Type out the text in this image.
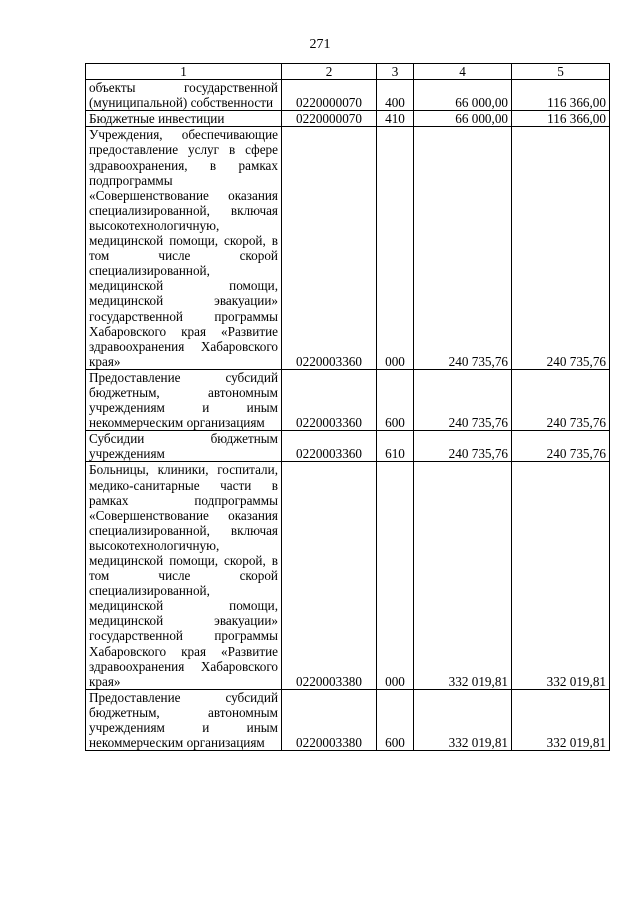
271
1	2	3	4	5
объекты государственной (муниципальной) собственности	0220000070	400	66 000,00	116 366,00
Бюджетные инвестиции	0220000070	410	66 000,00	116 366,00
Учреждения, обеспечивающие предоставление услуг в сфере здравоохранения, в рамках подпрограммы «Совершенствование оказания специализированной, включая высокотехнологичную, медицинской помощи, скорой, в том числе скорой специализированной, медицинской помощи, медицинской эвакуации» государственной программы Хабаровского края «Развитие здравоохранения Хабаровского края»	0220003360	000	240 735,76	240 735,76
Предоставление субсидий бюджетным, автономным учреждениям и иным некоммерческим организациям	0220003360	600	240 735,76	240 735,76
Субсидии бюджетным учреждениям	0220003360	610	240 735,76	240 735,76
Больницы, клиники, госпитали, медико-санитарные части в рамках подпрограммы «Совершенствование оказания специализированной, включая высокотехнологичную, медицинской помощи, скорой, в том числе скорой специализированной, медицинской помощи, медицинской эвакуации» государственной программы Хабаровского края «Развитие здравоохранения Хабаровского края»	0220003380	000	332 019,81	332 019,81
Предоставление субсидий бюджетным, автономным учреждениям и иным некоммерческим организациям	0220003380	600	332 019,81	332 019,81
